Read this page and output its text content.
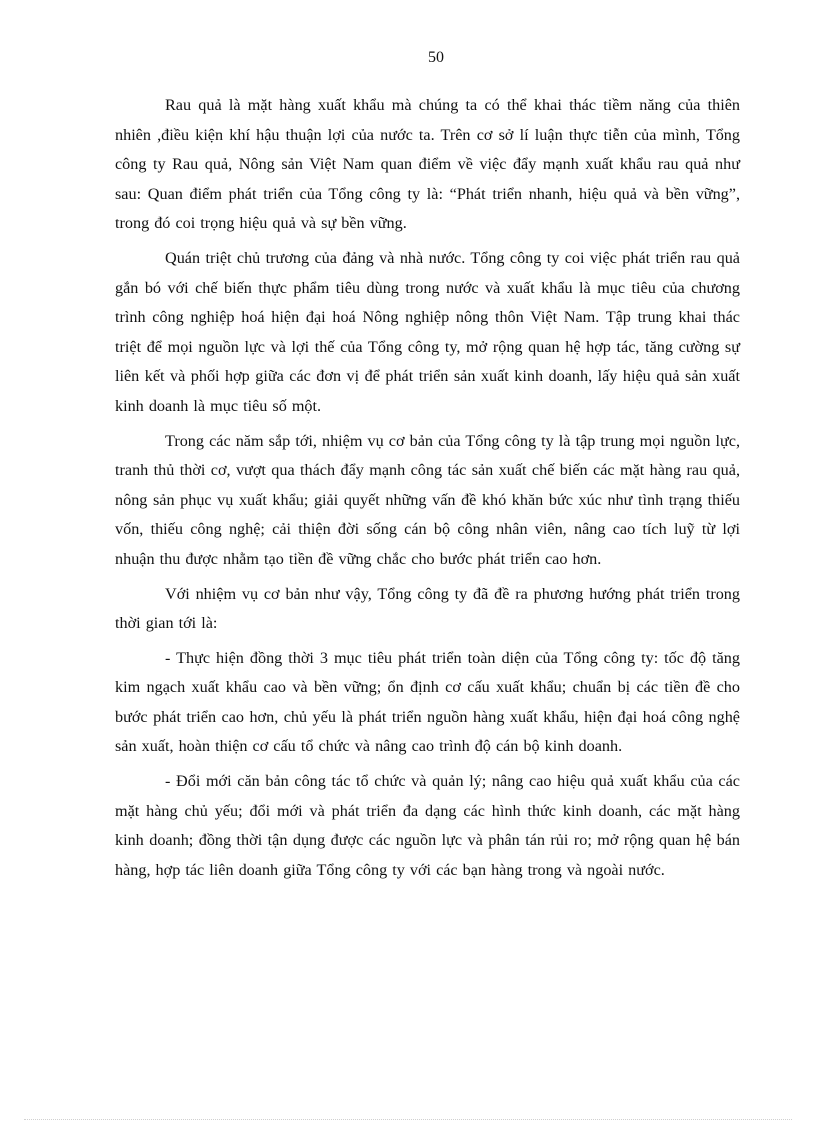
50

Rau quả là mặt hàng xuất khẩu mà chúng ta có thể khai thác tiềm năng của thiên nhiên ,điều kiện khí hậu thuận lợi của nước ta. Trên cơ sở lí luận thực tiễn của mình, Tổng công ty Rau quả, Nông sản Việt Nam quan điểm về việc đẩy mạnh xuất khẩu rau quả như sau: Quan điểm phát triển của Tổng công ty là: “Phát triển nhanh, hiệu quả và bền vững”, trong đó coi trọng hiệu quả và sự bền vững.

Quán triệt chủ trương của đảng và nhà nước. Tổng công ty coi việc phát triển rau quả gắn bó với chế biến thực phẩm tiêu dùng trong nước và xuất khẩu là mục tiêu của chương trình công nghiệp hoá hiện đại hoá Nông nghiệp nông thôn Việt Nam. Tập trung khai thác triệt để mọi nguồn lực và lợi thế của Tổng công ty, mở rộng quan hệ hợp tác, tăng cường sự liên kết và phối hợp giữa các đơn vị để phát triển sản xuất kinh doanh, lấy hiệu quả sản xuất kinh doanh là mục tiêu số một.

Trong các năm sắp tới, nhiệm vụ cơ bản của Tổng công ty là tập trung mọi nguồn lực, tranh thủ thời cơ, vượt qua thách đẩy mạnh công tác sản xuất chế biến các mặt hàng rau quả, nông sản phục vụ xuất khẩu; giải quyết những vấn đề khó khăn bức xúc như tình trạng thiếu vốn, thiếu công nghệ; cải thiện đời sống cán bộ công nhân viên, nâng cao tích luỹ từ lợi nhuận thu được nhằm tạo tiền đề vững chắc cho bước phát triển cao hơn.

Với nhiệm vụ cơ bản như vậy, Tổng công ty đã đề ra phương hướng phát triển trong thời gian tới là:

- Thực hiện đồng thời 3 mục tiêu phát triển toàn diện của Tổng công ty: tốc độ tăng kim ngạch xuất khẩu cao và bền vững; ổn định cơ cấu xuất khẩu; chuẩn bị các tiền đề cho bước phát triển cao hơn, chủ yếu là phát triển nguồn hàng xuất khẩu, hiện đại hoá công nghệ sản xuất, hoàn thiện cơ cấu tổ chức và nâng cao trình độ cán bộ kinh doanh.

- Đổi mới căn bản công tác tổ chức và quản lý; nâng cao hiệu quả xuất khẩu của các mặt hàng chủ yếu; đổi mới và phát triển đa dạng các hình thức kinh doanh, các mặt hàng kinh doanh; đồng thời tận dụng được các nguồn lực và phân tán rủi ro; mở rộng quan hệ bán hàng, hợp tác liên doanh giữa Tổng công ty với các bạn hàng trong và ngoài nước.
